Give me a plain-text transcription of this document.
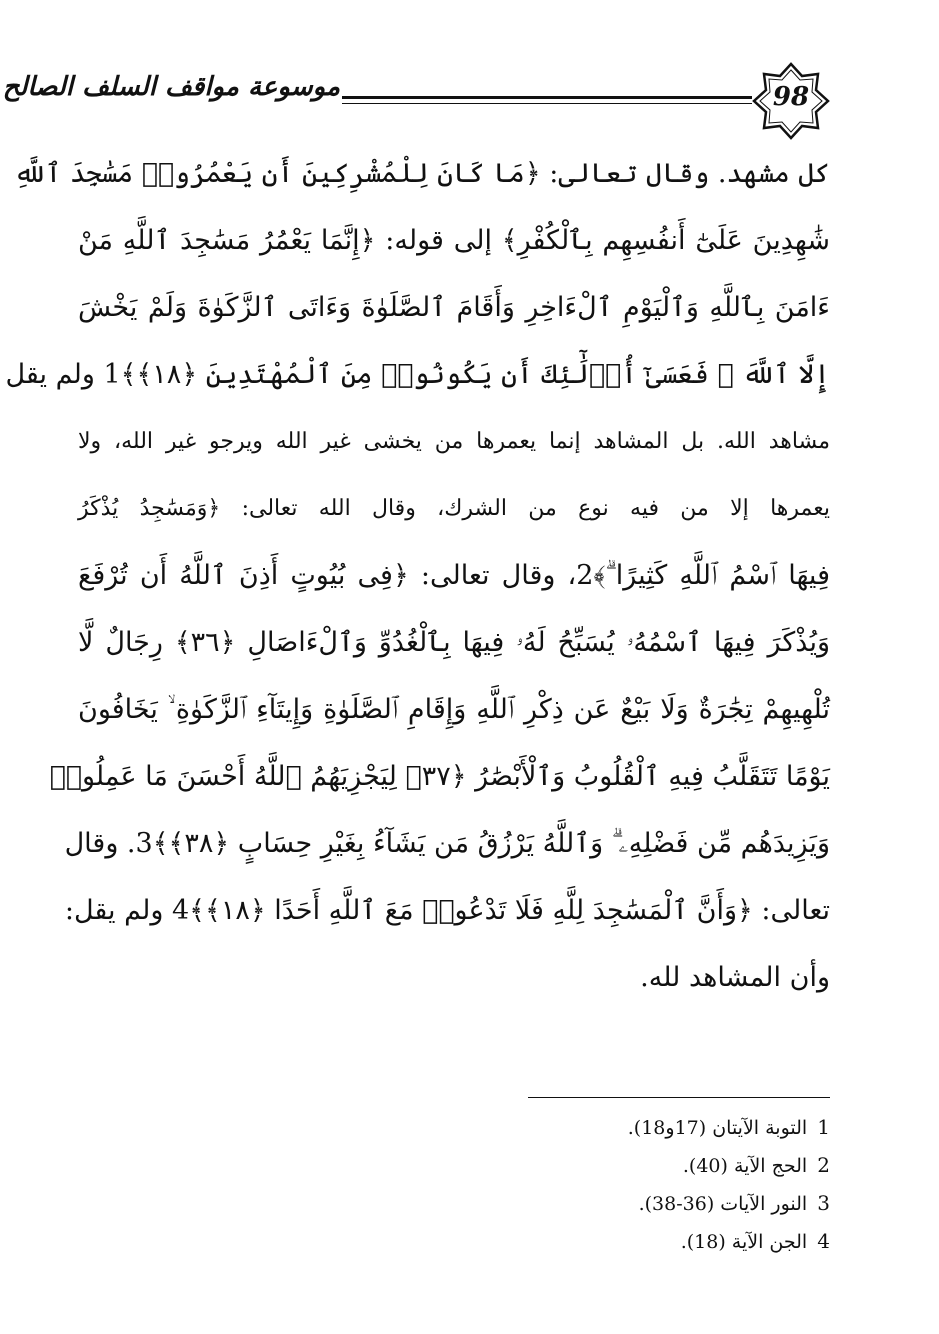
موسوعة مواقف السلف الصالح	98
كل مشهد. وقال تعالى: ﴿مَا كَانَ لِلْمُشْرِكِينَ أَن يَعْمُرُوا۟ مَسَٰجِدَ ٱللَّهِ
شَٰهِدِينَ عَلَىٰٓ أَنفُسِهِم بِٱلْكُفْرِ﴾ إلى قوله: ﴿إِنَّمَا يَعْمُرُ مَسَٰجِدَ ٱللَّهِ مَنْ
ءَامَنَ بِٱللَّهِ وَٱلْيَوْمِ ٱلْءَاخِرِ وَأَقَامَ ٱلصَّلَوٰةَ وَءَاتَى ٱلزَّكَوٰةَ وَلَمْ يَخْشَ
إِلَّا ٱللَّهَ ۖ فَعَسَىٰٓ أُو۟لَٰٓئِكَ أَن يَكُونُوا۟ مِنَ ٱلْمُهْتَدِينَ ﴿١٨﴾﴾1 ولم يقل
مشاهد الله. بل المشاهد إنما يعمرها من يخشى غير الله ويرجو غير الله، ولا
يعمرها إلا من فيه نوع من الشرك، وقال الله تعالى: ﴿وَمَسَٰجِدُ يُذْكَرُ
فِيهَا ٱسْمُ ٱللَّهِ كَثِيرًا ۗ﴾2، وقال تعالى: ﴿فِى بُيُوتٍ أَذِنَ ٱللَّهُ أَن تُرْفَعَ
وَيُذْكَرَ فِيهَا ٱسْمُهُۥ يُسَبِّحُ لَهُۥ فِيهَا بِٱلْغُدُوِّ وَٱلْءَاصَالِ ﴿٣٦﴾ رِجَالٌ لَّا
تُلْهِيهِمْ تِجَٰرَةٌ وَلَا بَيْعٌ عَن ذِكْرِ ٱللَّهِ وَإِقَامِ ٱلصَّلَوٰةِ وَإِيتَآءِ ٱلزَّكَوٰةِ ۙ يَخَافُونَ
يَوْمًا تَتَقَلَّبُ فِيهِ ٱلْقُلُوبُ وَٱلْأَبْصَٰرُ ﴿٣٧﴾ لِيَجْزِيَهُمُ ٱللَّهُ أَحْسَنَ مَا عَمِلُوا۟
وَيَزِيدَهُم مِّن فَضْلِهِۦ ۗ وَٱللَّهُ يَرْزُقُ مَن يَشَآءُ بِغَيْرِ حِسَابٍ ﴿٣٨﴾﴾3. وقال
تعالى: ﴿وَأَنَّ ٱلْمَسَٰجِدَ لِلَّهِ فَلَا تَدْعُوا۟ مَعَ ٱللَّهِ أَحَدًا ﴿١٨﴾﴾4 ولم يقل:
وأن المشاهد لله.
1 التوبة الآيتان (17و18).
2 الحج الآية (40).
3 النور الآيات (36-38).
4 الجن الآية (18).
